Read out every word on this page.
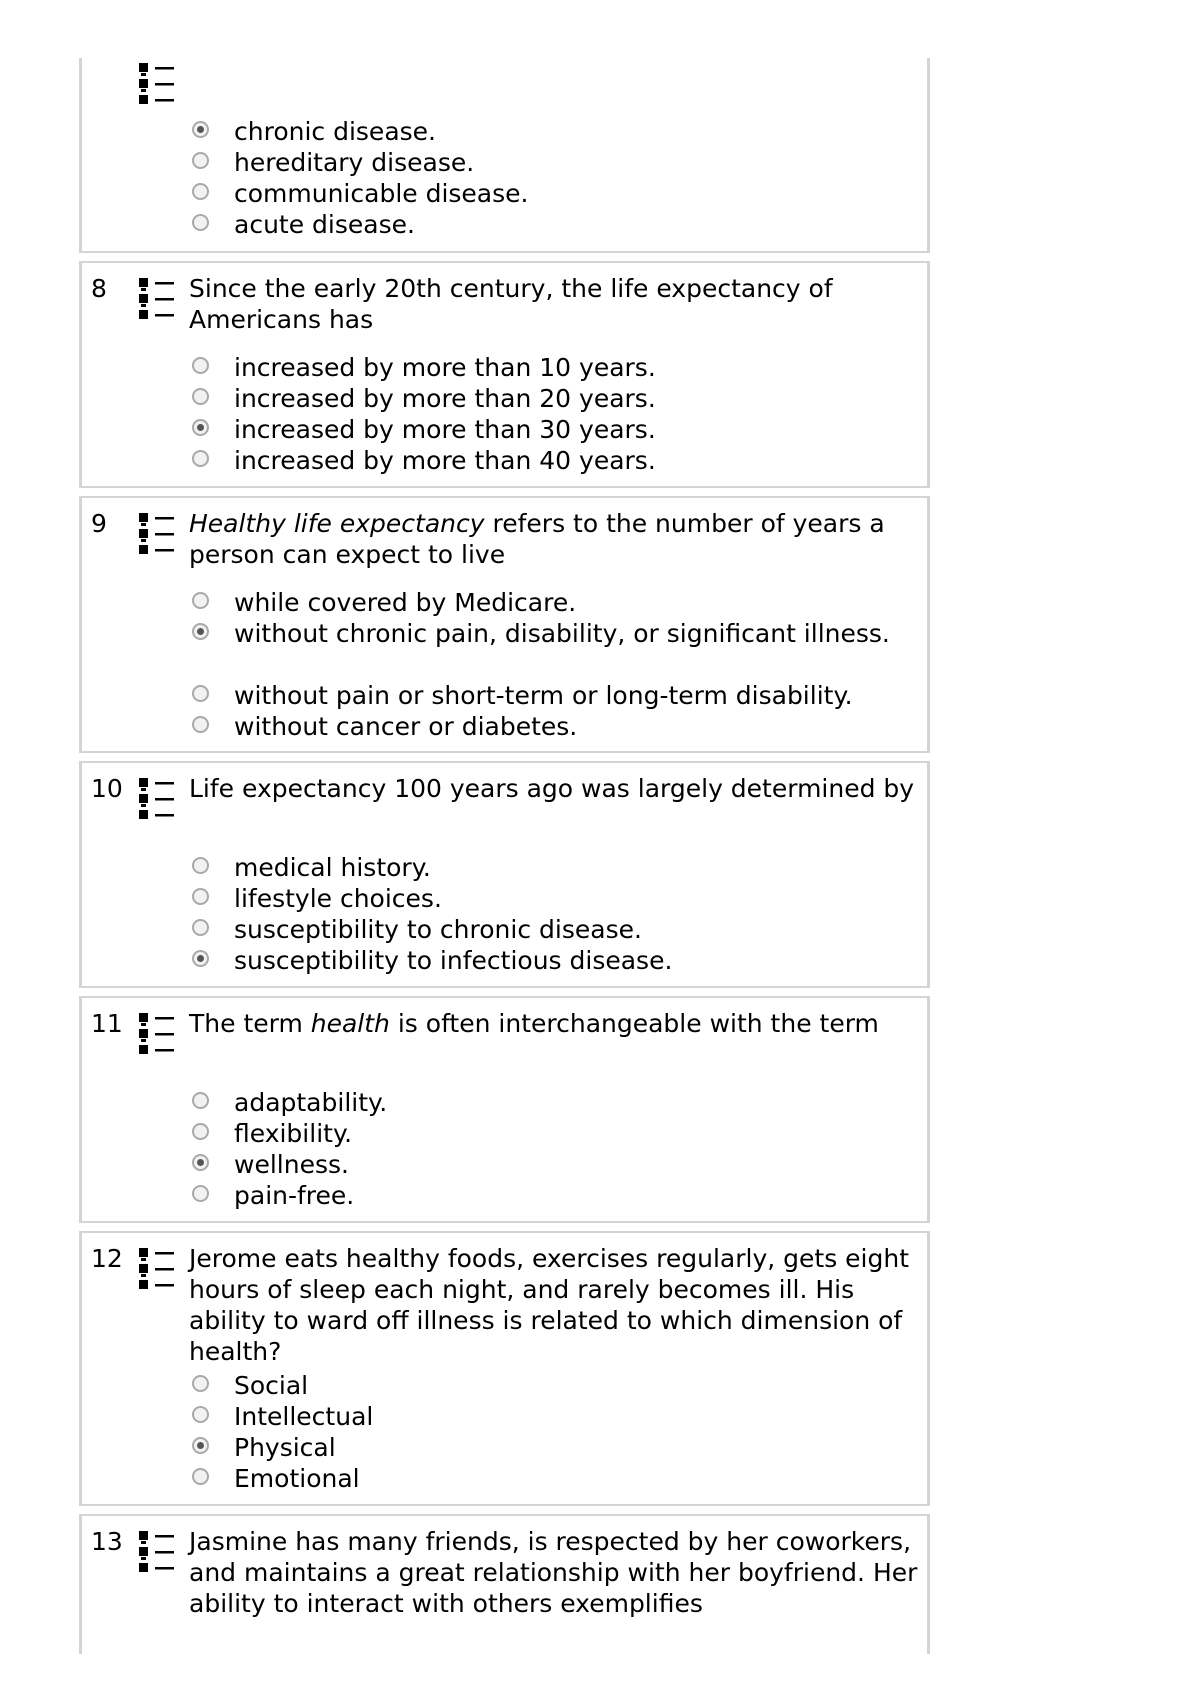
chronic disease.
hereditary disease.
communicable disease.
acute disease.
8	Since the early 20th century, the life expectancy of Americans has
increased by more than 10 years.
increased by more than 20 years.
increased by more than 30 years.
increased by more than 40 years.
9	Healthy life expectancy refers to the number of years a person can expect to live
while covered by Medicare.
without chronic pain, disability, or significant illness.
without pain or short-term or long-term disability.
without cancer or diabetes.
10	Life expectancy 100 years ago was largely determined by
medical history.
lifestyle choices.
susceptibility to chronic disease.
susceptibility to infectious disease.
11	The term health is often interchangeable with the term
adaptability.
flexibility.
wellness.
pain-free.
12	Jerome eats healthy foods, exercises regularly, gets eight hours of sleep each night, and rarely becomes ill. His ability to ward off illness is related to which dimension of health?
Social
Intellectual
Physical
Emotional
13	Jasmine has many friends, is respected by her coworkers, and maintains a great relationship with her boyfriend. Her ability to interact with others exemplifies
